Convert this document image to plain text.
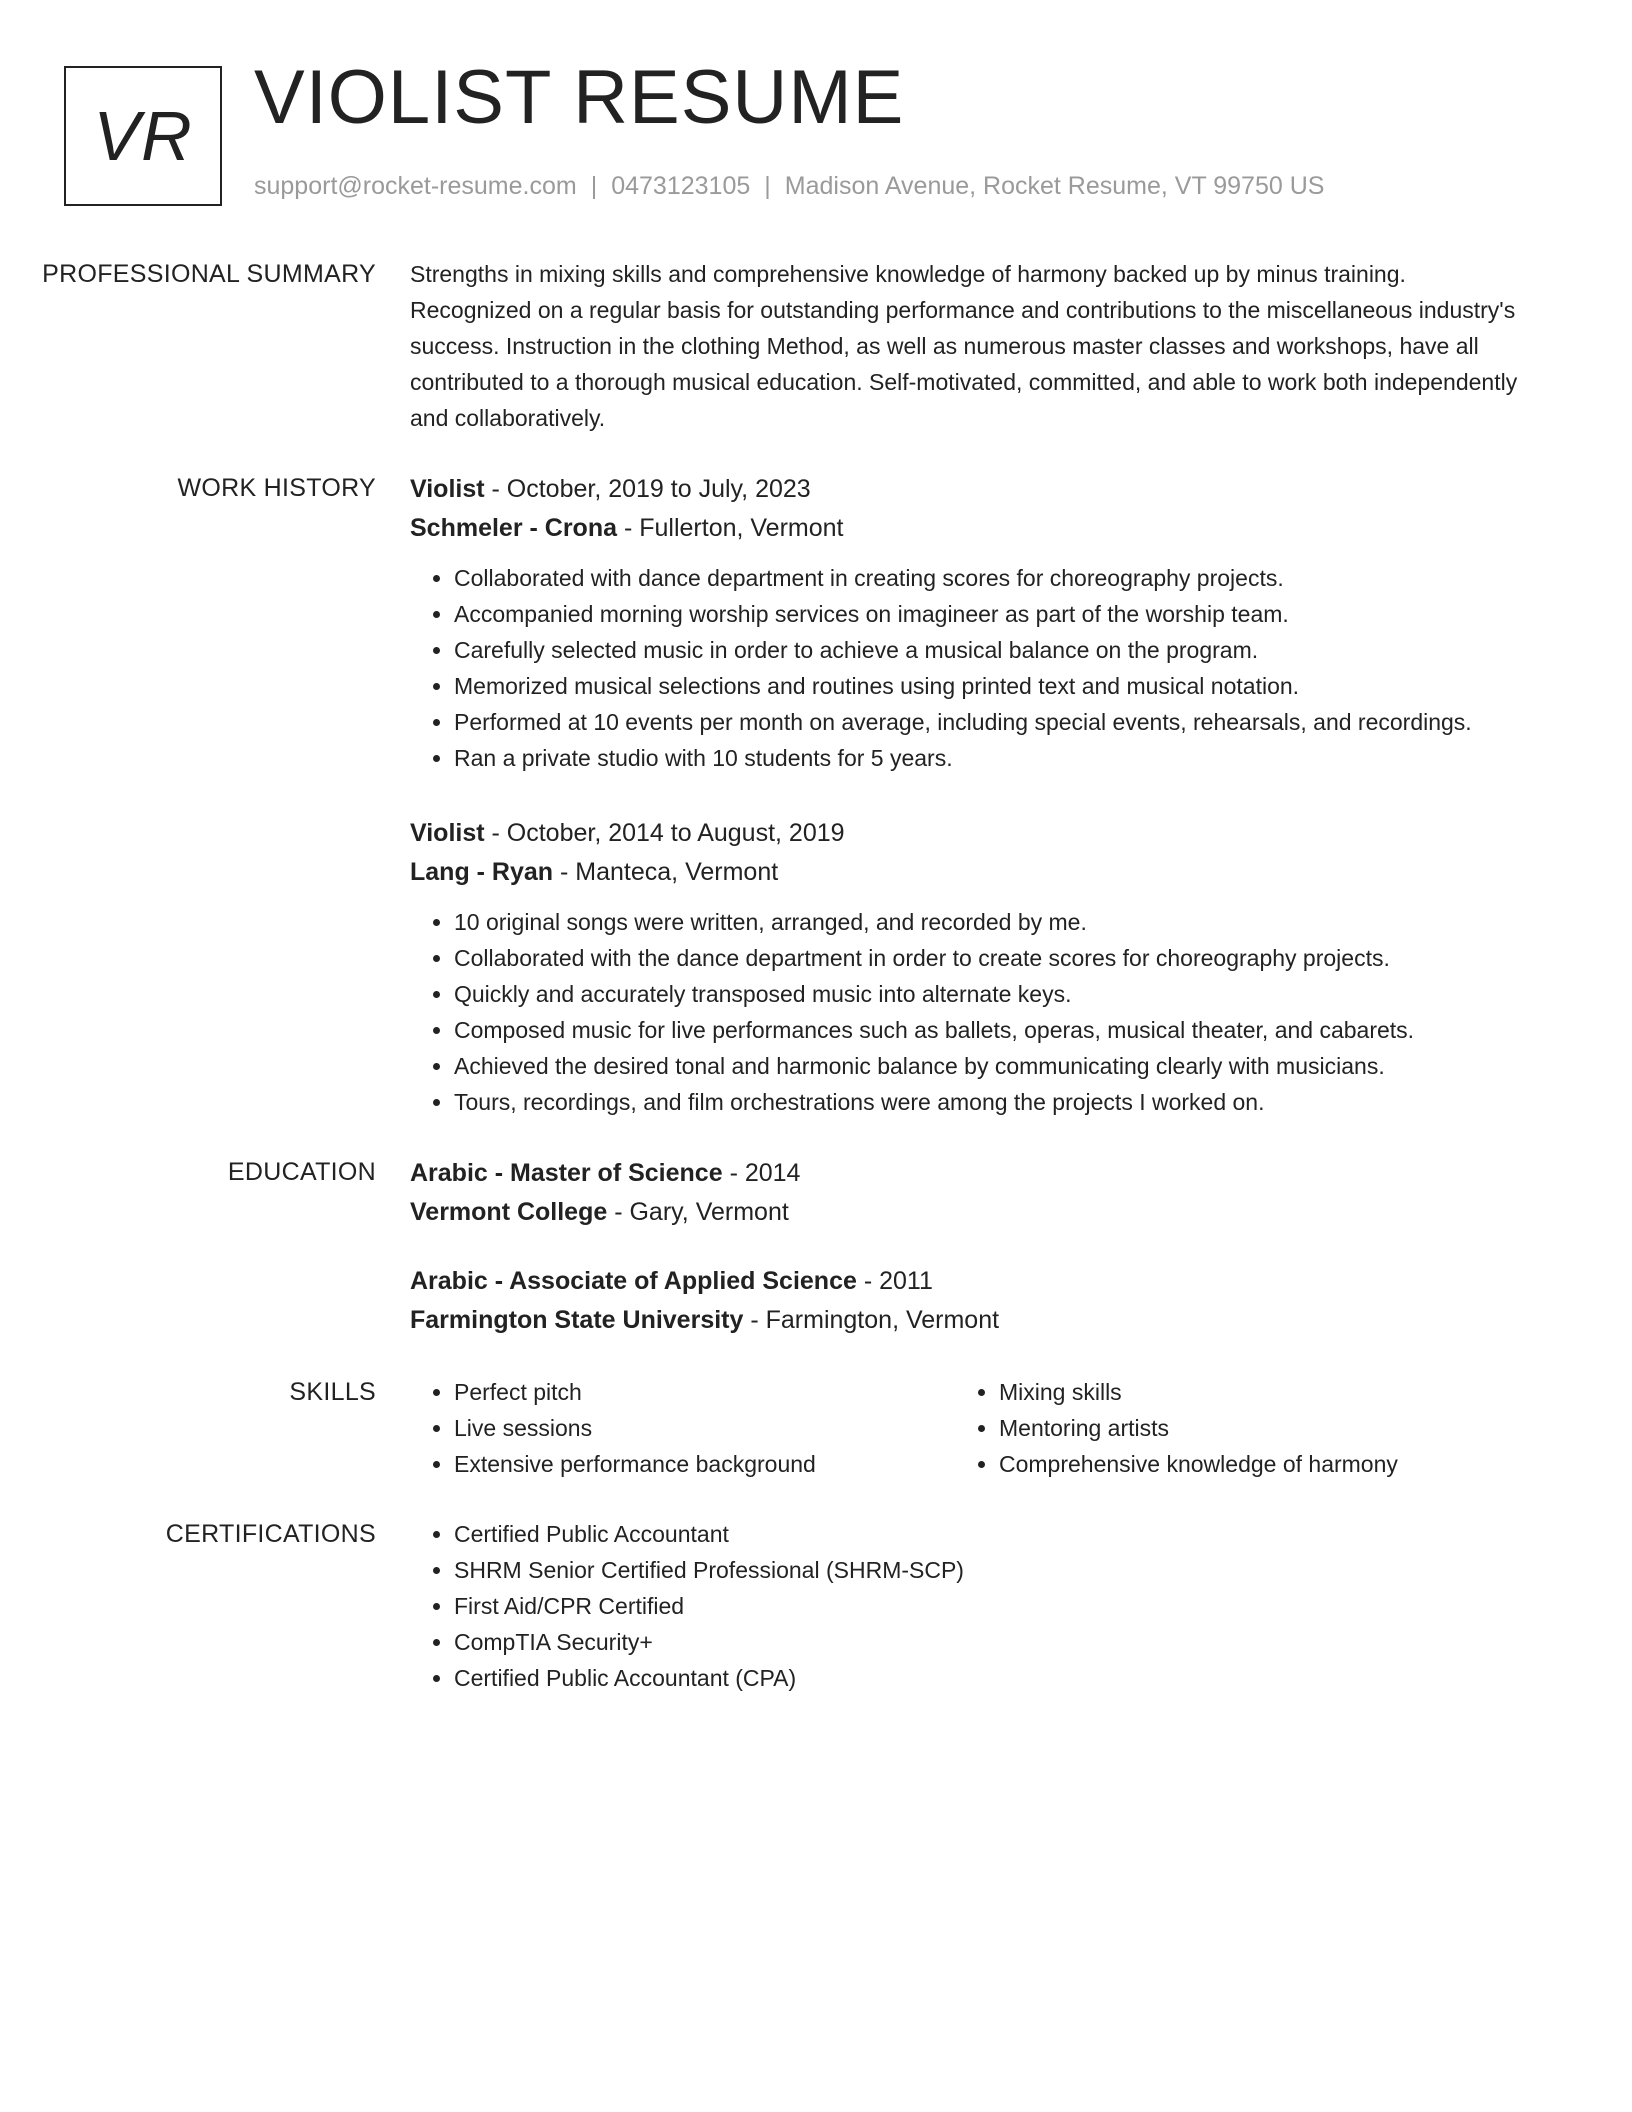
VR VIOLIST RESUME
support@rocket-resume.com | 0473123105 | Madison Avenue, Rocket Resume, VT 99750 US
PROFESSIONAL SUMMARY	Strengths in mixing skills and comprehensive knowledge of harmony backed up by minus training. Recognized on a regular basis for outstanding performance and contributions to the miscellaneous industry's success. Instruction in the clothing Method, as well as numerous master classes and workshops, have all contributed to a thorough musical education. Self-motivated, committed, and able to work both independently and collaboratively.

WORK HISTORY	Violist - October, 2019 to July, 2023
Schmeler - Crona - Fullerton, Vermont
• Collaborated with dance department in creating scores for choreography projects.
• Accompanied morning worship services on imagineer as part of the worship team.
• Carefully selected music in order to achieve a musical balance on the program.
• Memorized musical selections and routines using printed text and musical notation.
• Performed at 10 events per month on average, including special events, rehearsals, and recordings.
• Ran a private studio with 10 students for 5 years.
Violist - October, 2014 to August, 2019
Lang - Ryan - Manteca, Vermont
• 10 original songs were written, arranged, and recorded by me.
• Collaborated with the dance department in order to create scores for choreography projects.
• Quickly and accurately transposed music into alternate keys.
• Composed music for live performances such as ballets, operas, musical theater, and cabarets.
• Achieved the desired tonal and harmonic balance by communicating clearly with musicians.
• Tours, recordings, and film orchestrations were among the projects I worked on.
EDUCATION	Arabic - Master of Science - 2014
Vermont College - Gary, Vermont
Arabic - Associate of Applied Science - 2011
Farmington State University - Farmington, Vermont
SKILLS	• Perfect pitch
• Live sessions
• Extensive performance background
• Mixing skills
• Mentoring artists
• Comprehensive knowledge of harmony
CERTIFICATIONS	• Certified Public Accountant
• SHRM Senior Certified Professional (SHRM-SCP)
• First Aid/CPR Certified
• CompTIA Security+
• Certified Public Accountant (CPA)
